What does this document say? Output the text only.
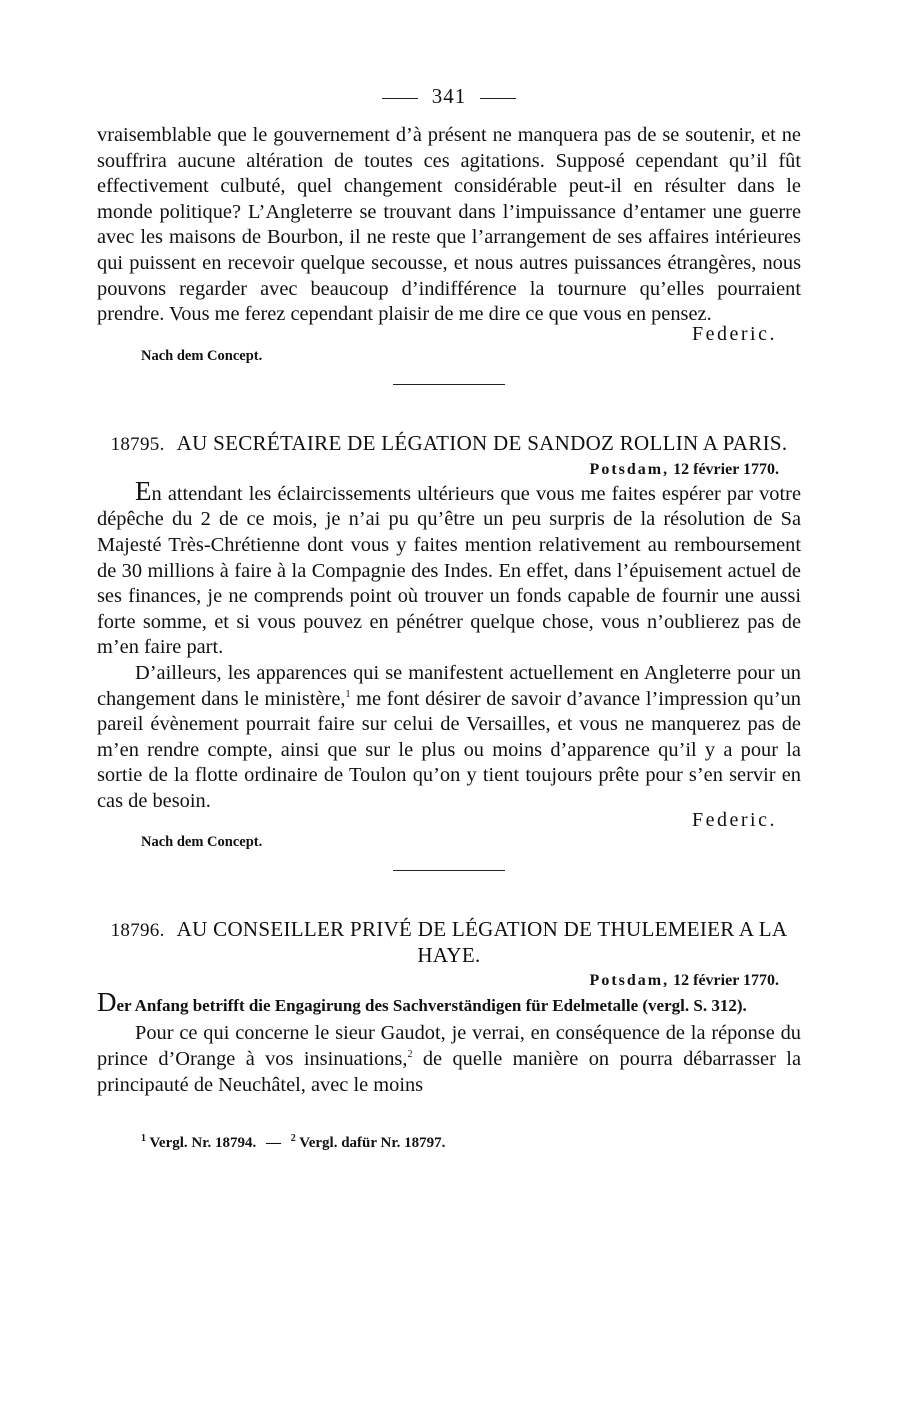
341

vraisemblable que le gouvernement d’à présent ne manquera pas de se soutenir, et ne souffrira aucune altération de toutes ces agitations. Supposé cependant qu’il fût effectivement culbuté, quel changement considérable peut-il en résulter dans le monde politique? L’Angleterre se trouvant dans l’impuissance d’entamer une guerre avec les maisons de Bourbon, il ne reste que l’arrangement de ses affaires intérieures qui puissent en recevoir quelque secousse, et nous autres puissances étrangères, nous pouvons regarder avec beaucoup d’indifférence la tournure qu’elles pourraient prendre. Vous me ferez cependant plaisir de me dire ce que vous en pensez.

Federic.
Nach dem Concept.
18795. AU SECRÉTAIRE DE LÉGATION DE SANDOZ ROLLIN A PARIS.
Potsdam, 12 février 1770.

En attendant les éclaircissements ultérieurs que vous me faites espérer par votre dépêche du 2 de ce mois, je n’ai pu qu’être un peu surpris de la résolution de Sa Majesté Très-Chrétienne dont vous y faites mention relativement au remboursement de 30 millions à faire à la Compagnie des Indes. En effet, dans l’épuisement actuel de ses finances, je ne comprends point où trouver un fonds capable de fournir une aussi forte somme, et si vous pouvez en pénétrer quelque chose, vous n’oublierez pas de m’en faire part.

D’ailleurs, les apparences qui se manifestent actuellement en Angleterre pour un changement dans le ministère,$^1$ me font désirer de savoir d’avance l’impression qu’un pareil évènement pourrait faire sur celui de Versailles, et vous ne manquerez pas de m’en rendre compte, ainsi que sur le plus ou moins d’apparence qu’il y a pour la sortie de la flotte ordinaire de Toulon qu’on y tient toujours prête pour s’en servir en cas de besoin.

Federic.
Nach dem Concept.
18796. AU CONSEILLER PRIVÉ DE LÉGATION DE THULEMEIER A LA HAYE.
Potsdam, 12 février 1770.

Der Anfang betrifft die Engagirung des Sachverständigen für Edelmetalle (vergl. S. 312).

Pour ce qui concerne le sieur Gaudot, je verrai, en conséquence de la réponse du prince d’Orange à vos insinuations,$^2$ de quelle manière on pourra débarrasser la principauté de Neuchâtel, avec le moins

$^1$ Vergl. Nr. 18794. — $^2$ Vergl. dafür Nr. 18797.
